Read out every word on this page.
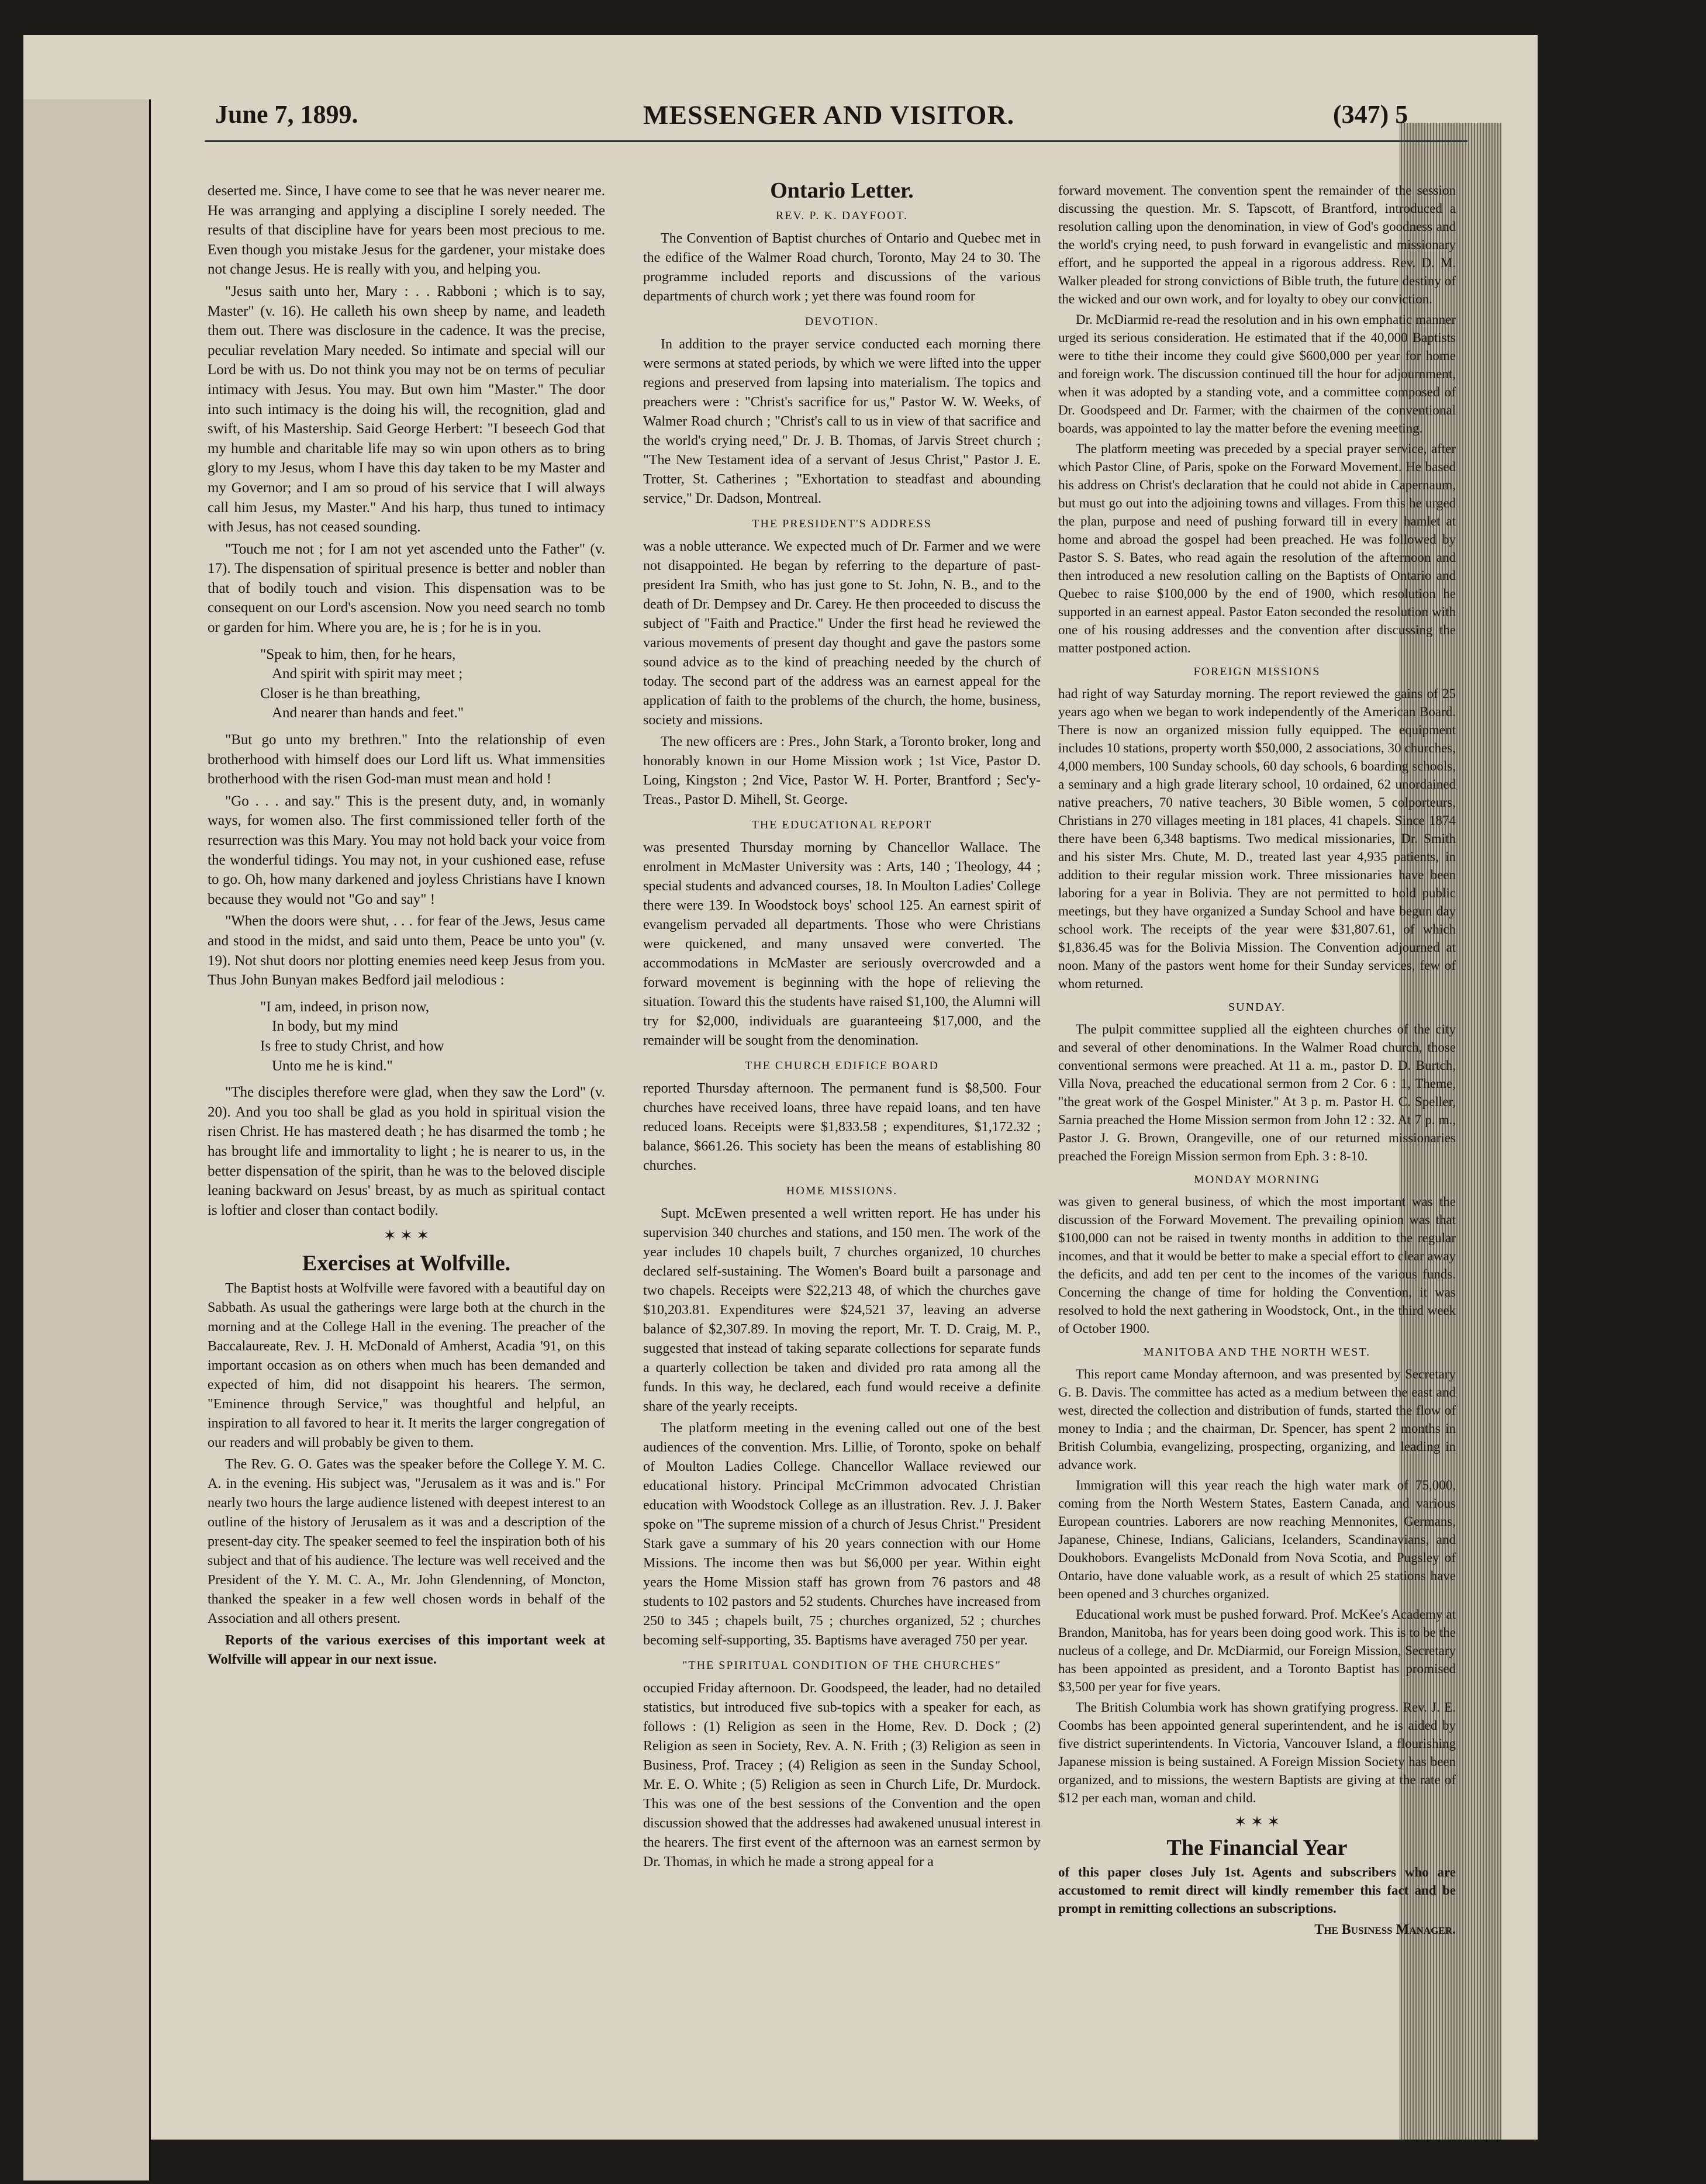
June 7, 1899.	MESSENGER AND VISITOR.	(347) 5

deserted me. Since, I have come to see that he was never nearer me. He was arranging and applying a discipline I sorely needed. The results of that discipline have for years been most precious to me. Even though you mistake Jesus for the gardener, your mistake does not change Jesus. He is really with you, and helping you.

"Jesus saith unto her, Mary : . . Rabboni ; which is to say, Master" (v. 16). He calleth his own sheep by name, and leadeth them out. There was disclosure in the cadence. It was the precise, peculiar revelation Mary needed. So intimate and special will our Lord be with us. Do not think you may not be on terms of peculiar intimacy with Jesus. You may. But own him "Master." The door into such intimacy is the doing his will, the recognition, glad and swift, of his Mastership. Said George Herbert: "I beseech God that my humble and charitable life may so win upon others as to bring glory to my Jesus, whom I have this day taken to be my Master and my Governor; and I am so proud of his service that I will always call him Jesus, my Master." And his harp, thus tuned to intimacy with Jesus, has not ceased sounding.

"Touch me not ; for I am not yet ascended unto the Father" (v. 17). The dispensation of spiritual presence is better and nobler than that of bodily touch and vision. This dispensation was to be consequent on our Lord's ascension. Now you need search no tomb or garden for him. Where you are, he is ; for he is in you.

"Speak to him, then, for he hears,
And spirit with spirit may meet ;
Closer is he than breathing,
And nearer than hands and feet."

"But go unto my brethren." Into the relationship of even brotherhood with himself does our Lord lift us. What immensities brotherhood with the risen God-man must mean and hold !

"Go . . . and say." This is the present duty, and, in womanly ways, for women also. The first commissioned teller forth of the resurrection was this Mary. You may not hold back your voice from the wonderful tidings. You may not, in your cushioned ease, refuse to go. Oh, how many darkened and joyless Christians have I known because they would not "Go and say" !

"When the doors were shut, . . . for fear of the Jews, Jesus came and stood in the midst, and said unto them, Peace be unto you" (v. 19). Not shut doors nor plotting enemies need keep Jesus from you. Thus John Bunyan makes Bedford jail melodious :

"I am, indeed, in prison now,
In body, but my mind
Is free to study Christ, and how
Unto me he is kind."

"The disciples therefore were glad, when they saw the Lord" (v. 20). And you too shall be glad as you hold in spiritual vision the risen Christ. He has mastered death ; he has disarmed the tomb ; he has brought life and immortality to light ; he is nearer to us, in the better dispensation of the spirit, than he was to the beloved disciple leaning backward on Jesus' breast, by as much as spiritual contact is loftier and closer than contact bodily.

✶ ✶ ✶
Exercises at Wolfville.

The Baptist hosts at Wolfville were favored with a beautiful day on Sabbath. As usual the gatherings were large both at the church in the morning and at the College Hall in the evening. The preacher of the Baccalaureate, Rev. J. H. McDonald of Amherst, Acadia '91, on this important occasion as on others when much has been demanded and expected of him, did not disappoint his hearers. The sermon, "Eminence through Service," was thoughtful and helpful, an inspiration to all favored to hear it. It merits the larger congregation of our readers and will probably be given to them.

The Rev. G. O. Gates was the speaker before the College Y. M. C. A. in the evening. His subject was, "Jerusalem as it was and is." For nearly two hours the large audience listened with deepest interest to an outline of the history of Jerusalem as it was and a description of the present-day city. The speaker seemed to feel the inspiration both of his subject and that of his audience. The lecture was well received and the President of the Y. M. C. A., Mr. John Glendenning, of Moncton, thanked the speaker in a few well chosen words in behalf of the Association and all others present.

Reports of the various exercises of this important week at Wolfville will appear in our next issue.

Ontario Letter.
REV. P. K. DAYFOOT.

The Convention of Baptist churches of Ontario and Quebec met in the edifice of the Walmer Road church, Toronto, May 24 to 30. The programme included reports and discussions of the various departments of church work ; yet there was found room for

DEVOTION.

In addition to the prayer service conducted each morning there were sermons at stated periods, by which we were lifted into the upper regions and preserved from lapsing into materialism. The topics and preachers were : "Christ's sacrifice for us," Pastor W. W. Weeks, of Walmer Road church ; "Christ's call to us in view of that sacrifice and the world's crying need," Dr. J. B. Thomas, of Jarvis Street church ; "The New Testament idea of a servant of Jesus Christ," Pastor J. E. Trotter, St. Catherines ; "Exhortation to steadfast and abounding service," Dr. Dadson, Montreal.

THE PRESIDENT'S ADDRESS

was a noble utterance. We expected much of Dr. Farmer and we were not disappointed. He began by referring to the departure of past-president Ira Smith, who has just gone to St. John, N. B., and to the death of Dr. Dempsey and Dr. Carey. He then proceeded to discuss the subject of "Faith and Practice." Under the first head he reviewed the various movements of present day thought and gave the pastors some sound advice as to the kind of preaching needed by the church of today. The second part of the address was an earnest appeal for the application of faith to the problems of the church, the home, business, society and missions.

The new officers are : Pres., John Stark, a Toronto broker, long and honorably known in our Home Mission work ; 1st Vice, Pastor D. Loing, Kingston ; 2nd Vice, Pastor W. H. Porter, Brantford ; Sec'y-Treas., Pastor D. Mihell, St. George.

THE EDUCATIONAL REPORT

was presented Thursday morning by Chancellor Wallace. The enrolment in McMaster University was : Arts, 140 ; Theology, 44 ; special students and advanced courses, 18. In Moulton Ladies' College there were 139. In Woodstock boys' school 125. An earnest spirit of evangelism pervaded all departments. Those who were Christians were quickened, and many unsaved were converted. The accommodations in McMaster are seriously overcrowded and a forward movement is beginning with the hope of relieving the situation. Toward this the students have raised $1,100, the Alumni will try for $2,000, individuals are guaranteeing $17,000, and the remainder will be sought from the denomination.

THE CHURCH EDIFICE BOARD

reported Thursday afternoon. The permanent fund is $8,500. Four churches have received loans, three have repaid loans, and ten have reduced loans. Receipts were $1,833.58 ; expenditures, $1,172.32 ; balance, $661.26. This society has been the means of establishing 80 churches.

HOME MISSIONS.

Supt. McEwen presented a well written report. He has under his supervision 340 churches and stations, and 150 men. The work of the year includes 10 chapels built, 7 churches organized, 10 churches declared self-sustaining. The Women's Board built a parsonage and two chapels. Receipts were $22,213 48, of which the churches gave $10,203.81. Expenditures were $24,521 37, leaving an adverse balance of $2,307.89. In moving the report, Mr. T. D. Craig, M. P., suggested that instead of taking separate collections for separate funds a quarterly collection be taken and divided pro rata among all the funds. In this way, he declared, each fund would receive a definite share of the yearly receipts.

The platform meeting in the evening called out one of the best audiences of the convention. Mrs. Lillie, of Toronto, spoke on behalf of Moulton Ladies College. Chancellor Wallace reviewed our educational history. Principal McCrimmon advocated Christian education with Woodstock College as an illustration. Rev. J. J. Baker spoke on "The supreme mission of a church of Jesus Christ." President Stark gave a summary of his 20 years connection with our Home Missions. The income then was but $6,000 per year. Within eight years the Home Mission staff has grown from 76 pastors and 48 students to 102 pastors and 52 students. Churches have increased from 250 to 345 ; chapels built, 75 ; churches organized, 52 ; churches becoming self-supporting, 35. Baptisms have averaged 750 per year.

"THE SPIRITUAL CONDITION OF THE CHURCHES"

occupied Friday afternoon. Dr. Goodspeed, the leader, had no detailed statistics, but introduced five sub-topics with a speaker for each, as follows : (1) Religion as seen in the Home, Rev. D. Dock ; (2) Religion as seen in Society, Rev. A. N. Frith ; (3) Religion as seen in Business, Prof. Tracey ; (4) Religion as seen in the Sunday School, Mr. E. O. White ; (5) Religion as seen in Church Life, Dr. Murdock. This was one of the best sessions of the Convention and the open discussion showed that the addresses had awakened unusual interest in the hearers. The first event of the afternoon was an earnest sermon by Dr. Thomas, in which he made a strong appeal for a

forward movement. The convention spent the remainder of the session discussing the question. Mr. S. Tapscott, of Brantford, introduced a resolution calling upon the denomination, in view of God's goodness and the world's crying need, to push forward in evangelistic and missionary effort, and he supported the appeal in a rigorous address. Rev. D. M. Walker pleaded for strong convictions of Bible truth, the future destiny of the wicked and our own work, and for loyalty to obey our conviction.

Dr. McDiarmid re-read the resolution and in his own emphatic manner urged its serious consideration. He estimated that if the 40,000 Baptists were to tithe their income they could give $600,000 per year for home and foreign work. The discussion continued till the hour for adjournment, when it was adopted by a standing vote, and a committee composed of Dr. Goodspeed and Dr. Farmer, with the chairmen of the conventional boards, was appointed to lay the matter before the evening meeting.

The platform meeting was preceded by a special prayer service, after which Pastor Cline, of Paris, spoke on the Forward Movement. He based his address on Christ's declaration that he could not abide in Capernaum, but must go out into the adjoining towns and villages. From this he urged the plan, purpose and need of pushing forward till in every hamlet at home and abroad the gospel had been preached. He was followed by Pastor S. S. Bates, who read again the resolution of the afternoon and then introduced a new resolution calling on the Baptists of Ontario and Quebec to raise $100,000 by the end of 1900, which resolution he supported in an earnest appeal. Pastor Eaton seconded the resolution with one of his rousing addresses and the convention after discussing the matter postponed action.

FOREIGN MISSIONS

had right of way Saturday morning. The report reviewed the gains of 25 years ago when we began to work independently of the American Board. There is now an organized mission fully equipped. The equipment includes 10 stations, property worth $50,000, 2 associations, 30 churches, 4,000 members, 100 Sunday schools, 60 day schools, 6 boarding schools, a seminary and a high grade literary school, 10 ordained, 62 unordained native preachers, 70 native teachers, 30 Bible women, 5 colporteurs, Christians in 270 villages meeting in 181 places, 41 chapels. Since 1874 there have been 6,348 baptisms. Two medical missionaries, Dr. Smith and his sister Mrs. Chute, M. D., treated last year 4,935 patients, in addition to their regular mission work. Three missionaries have been laboring for a year in Bolivia. They are not permitted to hold public meetings, but they have organized a Sunday School and have begun day school work. The receipts of the year were $31,807.61, of which $1,836.45 was for the Bolivia Mission. The Convention adjourned at noon. Many of the pastors went home for their Sunday services, few of whom returned.

SUNDAY.

The pulpit committee supplied all the eighteen churches of the city and several of other denominations. In the Walmer Road church, those conventional sermons were preached. At 11 a. m., pastor D. D. Burtch, Villa Nova, preached the educational sermon from 2 Cor. 6 : 1, Theme, "the great work of the Gospel Minister." At 3 p. m. Pastor H. C. Speller, Sarnia preached the Home Mission sermon from John 12 : 32. At 7 p. m., Pastor J. G. Brown, Orangeville, one of our returned missionaries preached the Foreign Mission sermon from Eph. 3 : 8-10.

MONDAY MORNING

was given to general business, of which the most important was the discussion of the Forward Movement. The prevailing opinion was that $100,000 can not be raised in twenty months in addition to the regular incomes, and that it would be better to make a special effort to clear away the deficits, and add ten per cent to the incomes of the various funds. Concerning the change of time for holding the Convention, it was resolved to hold the next gathering in Woodstock, Ont., in the third week of October 1900.

MANITOBA AND THE NORTH WEST.

This report came Monday afternoon, and was presented by Secretary G. B. Davis. The committee has acted as a medium between the east and west, directed the collection and distribution of funds, started the flow of money to India ; and the chairman, Dr. Spencer, has spent 2 months in British Columbia, evangelizing, prospecting, organizing, and leading in advance work.

Immigration will this year reach the high water mark of 75,000, coming from the North Western States, Eastern Canada, and various European countries. Laborers are now reaching Mennonites, Germans, Japanese, Chinese, Indians, Galicians, Icelanders, Scandinavians, and Doukhobors. Evangelists McDonald from Nova Scotia, and Pugsley of Ontario, have done valuable work, as a result of which 25 stations have been opened and 3 churches organized.

Educational work must be pushed forward. Prof. McKee's Academy at Brandon, Manitoba, has for years been doing good work. This is to be the nucleus of a college, and Dr. McDiarmid, our Foreign Mission, Secretary has been appointed as president, and a Toronto Baptist has promised $3,500 per year for five years.

The British Columbia work has shown gratifying progress. Rev. J. E. Coombs has been appointed general superintendent, and he is aided by five district superintendents. In Victoria, Vancouver Island, a flourishing Japanese mission is being sustained. A Foreign Mission Society has been organized, and to missions, the western Baptists are giving at the rate of $12 per each man, woman and child.

✶ ✶ ✶
The Financial Year

of this paper closes July 1st. Agents and subscribers who are accustomed to remit direct will kindly remember this fact and be prompt in remitting collections an subscriptions.

The Business Manager.
